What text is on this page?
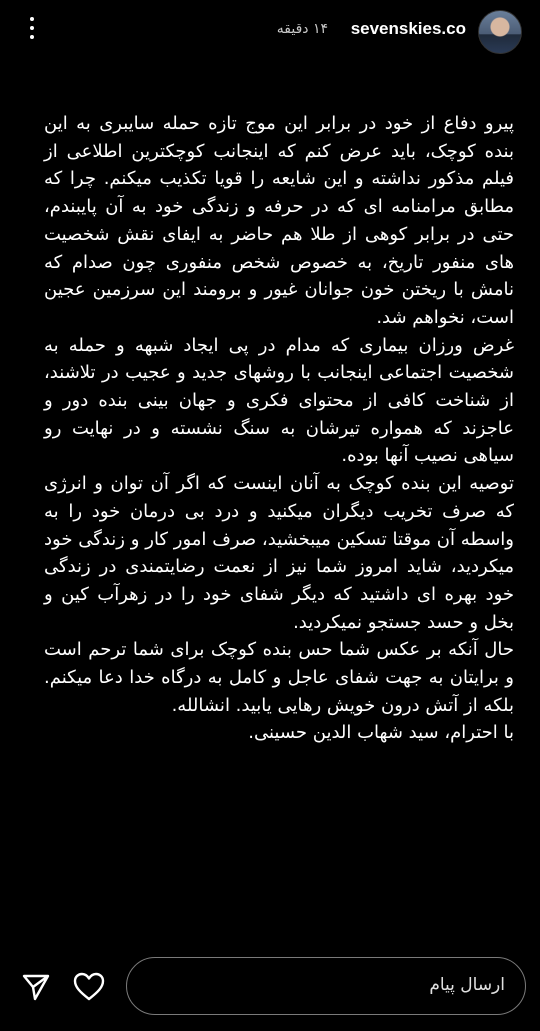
۱۴ دقیقه sevenskies.co

پیرو دفاع از خود در برابر این موج تازه حمله سایبری به این بنده کوچک، باید عرض کنم که اینجانب کوچکترین اطلاعی از فیلم مذکور نداشته و این شایعه را قویا تکذیب میکنم. چرا که مطابق مرامنامه ای که در حرفه و زندگی خود به آن پایبندم، حتی در برابر کوهی از طلا هم حاضر به ایفای نقش شخصیت های منفور تاریخ، به خصوص شخص منفوری چون صدام که نامش با ریختن خون جوانان غیور و برومند این سرزمین عجین است، نخواهم شد.

غرض ورزان بیماری که مدام در پی ایجاد شبهه و حمله به شخصیت اجتماعی اینجانب با روشهای جدید و عجیب در تلاشند، از شناخت کافی از محتوای فکری و جهان بینی بنده دور و عاجزند که همواره تیرشان به سنگ نشسته و در نهایت رو سیاهی نصیب آنها بوده.

توصیه این بنده کوچک به آنان اینست که اگر آن توان و انرژی که صرف تخریب دیگران میکنید و درد بی درمان خود را به واسطه آن موقتا تسکین میبخشید، صرف امور کار و زندگی خود میکردید، شاید امروز شما نیز از نعمت رضایتمندی در زندگی خود بهره ای داشتید که دیگر شفای خود را در زهرآب کین و بخل و حسد جستجو نمیکردید.

حال آنکه بر عکس شما حس بنده کوچک برای شما ترحم است و برایتان به جهت شفای عاجل و کامل به درگاه خدا دعا میکنم. بلکه از آتش درون خویش رهایی یابید. انشالله.

با احترام، سید شهاب الدین حسینی.

ارسال پیام
